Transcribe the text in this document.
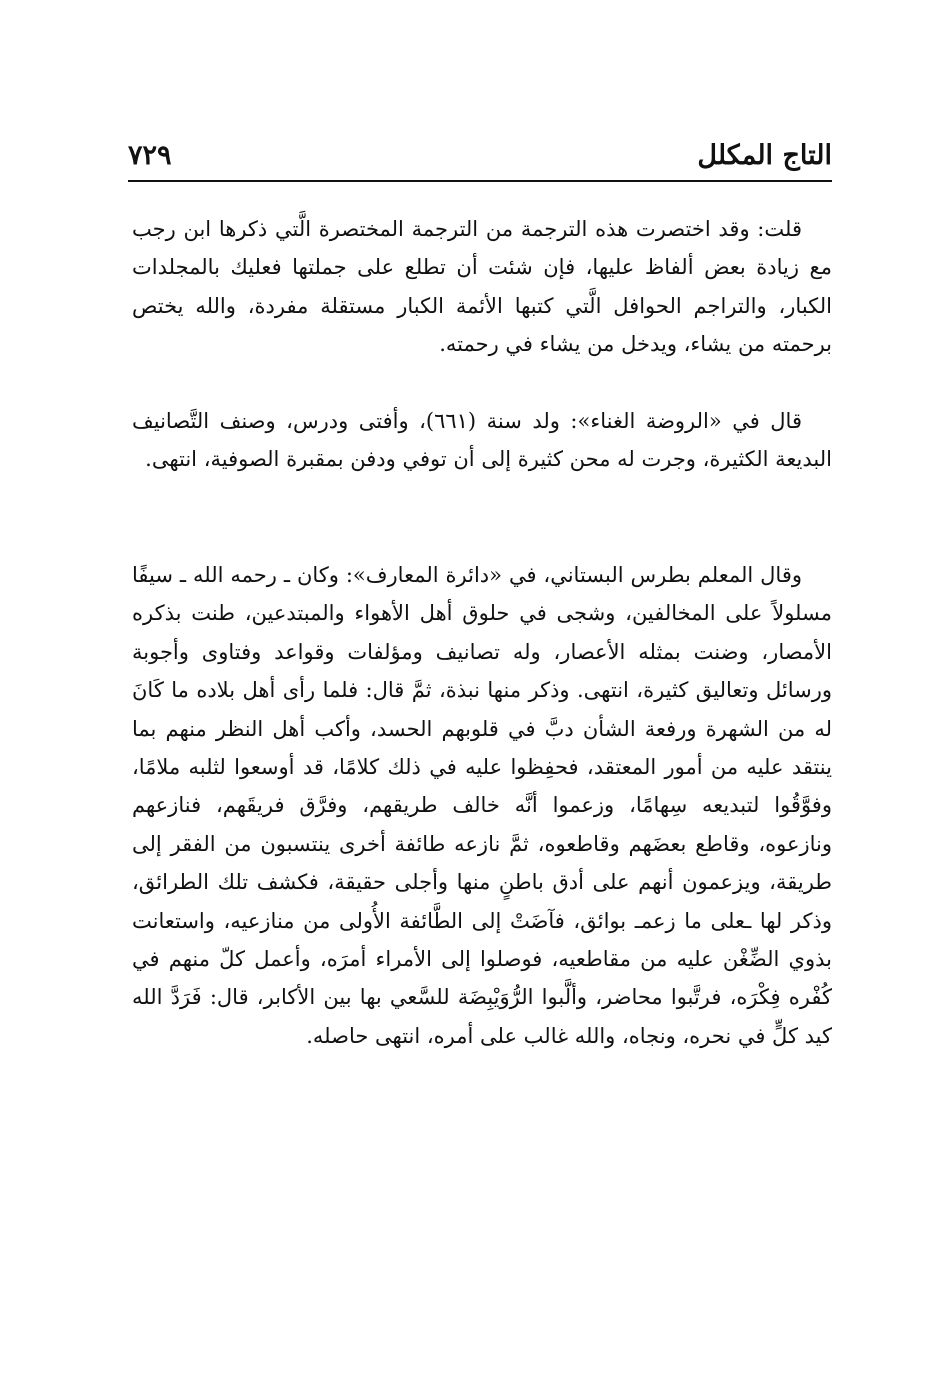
التاج المكلل
٧٢٩

قلت: وقد اختصرت هذه الترجمة من الترجمة المختصرة الَّتي ذكرها ابن رجب مع زيادة بعض ألفاظ عليها، فإن شئت أن تطلع على جملتها فعليك بالمجلدات الكبار، والتراجم الحوافل الَّتي كتبها الأئمة الكبار مستقلة مفردة، والله يختص برحمته من يشاء، ويدخل من يشاء في رحمته.

قال في «الروضة الغناء»: ولد سنة (٦٦١)، وأفتى ودرس، وصنف التَّصانيف البديعة الكثيرة، وجرت له محن كثيرة إلى أن توفي ودفن بمقبرة الصوفية، انتهى.

وقال المعلم بطرس البستاني، في «دائرة المعارف»: وكان ـ رحمه الله ـ سيفًا مسلولاً على المخالفين، وشجى في حلوق أهل الأهواء والمبتدعين، طنت بذكره الأمصار، وضنت بمثله الأعصار، وله تصانيف ومؤلفات وقواعد وفتاوى وأجوبة ورسائل وتعاليق كثيرة، انتهى. وذكر منها نبذة، ثمَّ قال: فلما رأى أهل بلاده ما كَانَ له من الشهرة ورفعة الشأن دبَّ في قلوبهم الحسد، وأكب أهل النظر منهم بما ينتقد عليه من أمور المعتقد، فحفِظوا عليه في ذلك كلامًا، قد أوسعوا لثلبه ملامًا، وفوَّقُوا لتبديعه سِهامًا، وزعموا أنَّه خالف طريقهم، وفرَّق فريقَهم، فنازعهم ونازعوه، وقاطع بعضَهم وقاطعوه، ثمَّ نازعه طائفة أخرى ينتسبون من الفقر إلى طريقة، ويزعمون أنهم على أدق باطنٍ منها وأجلى حقيقة، فكشف تلك الطرائق، وذكر لها ـعلى ما زعمـ بوائق، فآضَتْ إلى الطَّائفة الأُولى من منازعيه، واستعانت بذوي الضِّغْن عليه من مقاطعيه، فوصلوا إلى الأمراء أمرَه، وأعمل كلّ منهم في كُفْره فِكْرَه، فرتَّبوا محاضر، وألَّبوا الرُّوَيْبِضَة للسَّعي بها بين الأكابر، قال: فَرَدَّ الله كيد كلٍّ في نحره، ونجاه، والله غالب على أمره، انتهى حاصله.
